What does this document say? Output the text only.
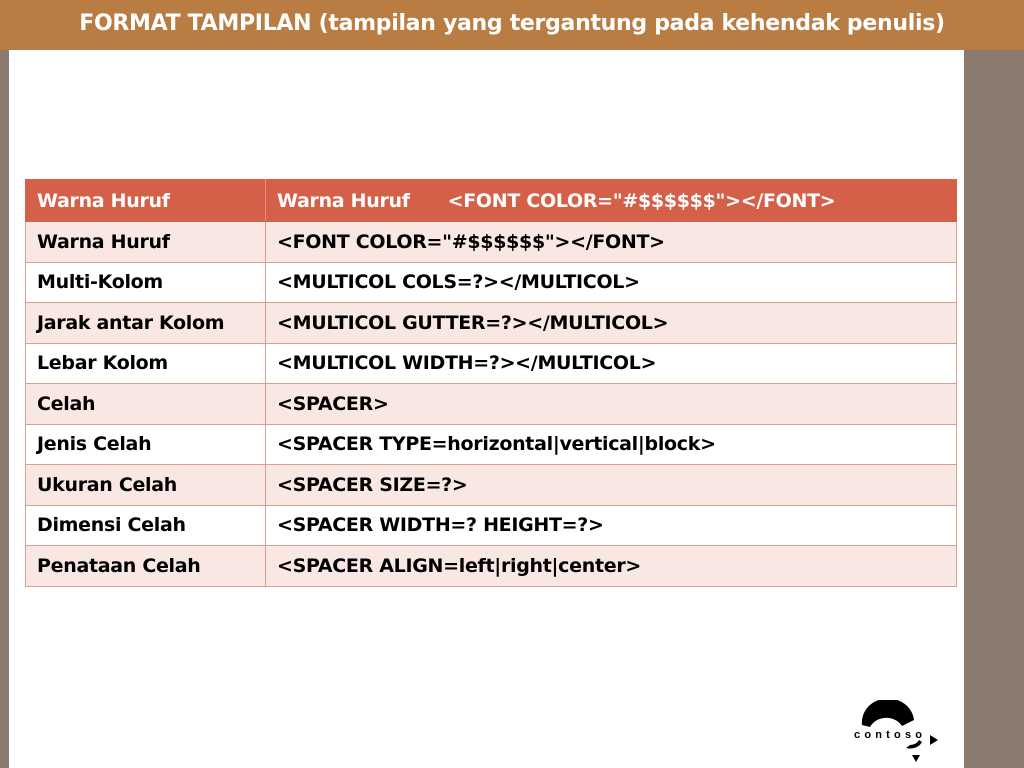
FORMAT TAMPILAN (tampilan yang tergantung pada kehendak penulis)
Warna Huruf	Warna Huruf      <FONT COLOR="#$$$$$$"></FONT>
Warna Huruf	<FONT COLOR="#$$$$$$"></FONT>
Multi-Kolom	<MULTICOL COLS=?></MULTICOL>
Jarak antar Kolom	<MULTICOL GUTTER=?></MULTICOL>
Lebar Kolom	<MULTICOL WIDTH=?></MULTICOL>
Celah	<SPACER>
Jenis Celah	<SPACER TYPE=horizontal|vertical|block>
Ukuran Celah	<SPACER SIZE=?>
Dimensi Celah	<SPACER WIDTH=? HEIGHT=?>
Penataan Celah	<SPACER ALIGN=left|right|center>
contoso
